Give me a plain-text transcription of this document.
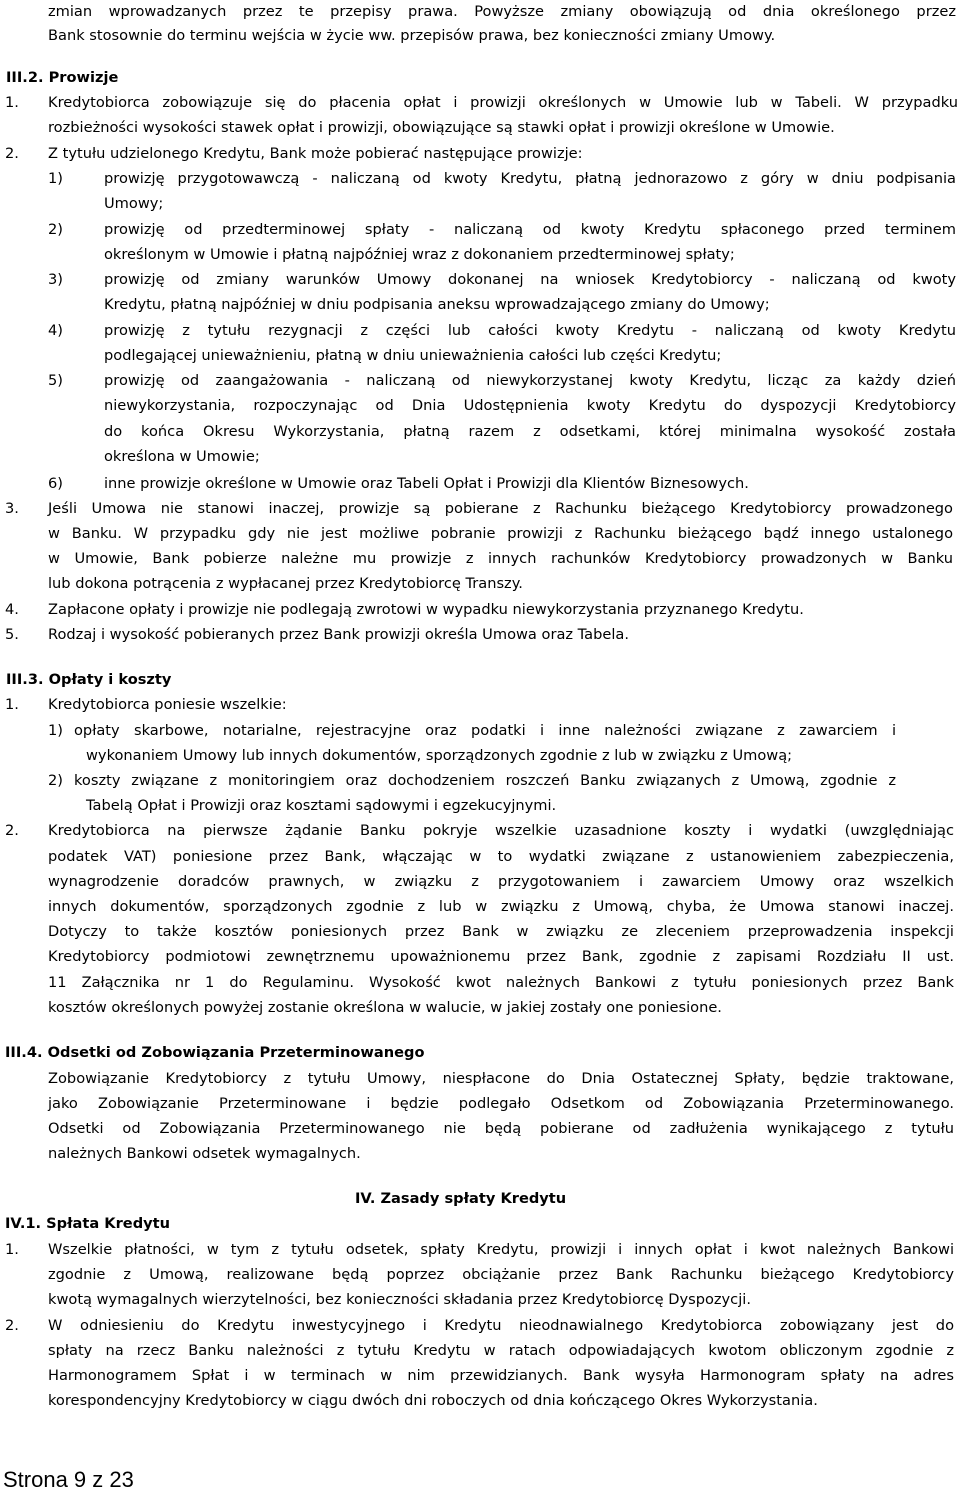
zmian wprowadzanych przez te przepisy prawa. Powyższe zmiany obowiązują od dnia określonego przez
Bank stosownie do terminu wejścia w życie ww. przepisów prawa, bez konieczności zmiany Umowy.
III.2. Prowizje
1. Kredytobiorca zobowiązuje się do płacenia opłat i prowizji określonych w Umowie lub w Tabeli. W przypadku
rozbieżności wysokości stawek opłat i prowizji, obowiązujące są stawki opłat i prowizji określone w Umowie.
2. Z tytułu udzielonego Kredytu, Bank może pobierać następujące prowizje:
1)	prowizję przygotowawczą - naliczaną od kwoty Kredytu, płatną jednorazowo z góry w dniu podpisania
Umowy;
2)	prowizję od przedterminowej spłaty - naliczaną od kwoty Kredytu spłaconego przed terminem
określonym w Umowie i płatną najpóźniej wraz z dokonaniem przedterminowej spłaty;
3)	prowizję od zmiany warunków Umowy dokonanej na wniosek Kredytobiorcy - naliczaną od kwoty
Kredytu, płatną najpóźniej w dniu podpisania aneksu wprowadzającego zmiany do Umowy;
4)	prowizję z tytułu rezygnacji z części lub całości kwoty Kredytu - naliczaną od kwoty Kredytu
podlegającej unieważnieniu, płatną w dniu unieważnienia całości lub części Kredytu;
5)	prowizję od zaangażowania - naliczaną od niewykorzystanej kwoty Kredytu, licząc za każdy dzień
niewykorzystania, rozpoczynając od Dnia Udostępnienia kwoty Kredytu do dyspozycji Kredytobiorcy
do końca Okresu Wykorzystania, płatną razem z odsetkami, której minimalna wysokość została
określona w Umowie;
6)	inne prowizje określone w Umowie oraz Tabeli Opłat i Prowizji dla Klientów Biznesowych.
3. Jeśli Umowa nie stanowi inaczej, prowizje są pobierane z Rachunku bieżącego Kredytobiorcy prowadzonego
w Banku. W przypadku gdy nie jest możliwe pobranie prowizji z Rachunku bieżącego bądź innego ustalonego
w Umowie, Bank pobierze należne mu prowizje z innych rachunków Kredytobiorcy prowadzonych w Banku
lub dokona potrącenia z wypłacanej przez Kredytobiorcę Transzy.
4. Zapłacone opłaty i prowizje nie podlegają zwrotowi w wypadku niewykorzystania przyznanego Kredytu.
5. Rodzaj i wysokość pobieranych przez Bank prowizji określa Umowa oraz Tabela.
III.3. Opłaty i koszty
1. Kredytobiorca poniesie wszelkie:
1) opłaty skarbowe, notarialne, rejestracyjne oraz podatki i inne należności związane z zawarciem i
wykonaniem Umowy lub innych dokumentów, sporządzonych zgodnie z lub w związku z Umową;
2) koszty związane z monitoringiem oraz dochodzeniem roszczeń Banku związanych z Umową, zgodnie z
Tabelą Opłat i Prowizji oraz kosztami sądowymi i egzekucyjnymi.
2. Kredytobiorca na pierwsze żądanie Banku pokryje wszelkie uzasadnione koszty i wydatki (uwzględniając
podatek VAT) poniesione przez Bank, włączając w to wydatki związane z ustanowieniem zabezpieczenia,
wynagrodzenie doradców prawnych, w związku z przygotowaniem i zawarciem Umowy oraz wszelkich
innych dokumentów, sporządzonych zgodnie z lub w związku z Umową, chyba, że Umowa stanowi inaczej.
Dotyczy to także kosztów poniesionych przez Bank w związku ze zleceniem przeprowadzenia inspekcji
Kredytobiorcy podmiotowi zewnętrznemu upoważnionemu przez Bank, zgodnie z zapisami Rozdziału II ust.
11 Załącznika nr 1 do Regulaminu. Wysokość kwot należnych Bankowi z tytułu poniesionych przez Bank
kosztów określonych powyżej zostanie określona w walucie, w jakiej zostały one poniesione.
III.4. Odsetki od Zobowiązania Przeterminowanego
Zobowiązanie Kredytobiorcy z tytułu Umowy, niespłacone do Dnia Ostatecznej Spłaty, będzie traktowane,
jako Zobowiązanie Przeterminowane i będzie podlegało Odsetkom od Zobowiązania Przeterminowanego.
Odsetki od Zobowiązania Przeterminowanego nie będą pobierane od zadłużenia wynikającego z tytułu
należnych Bankowi odsetek wymagalnych.
IV. Zasady spłaty Kredytu
IV.1. Spłata Kredytu
1. Wszelkie płatności, w tym z tytułu odsetek, spłaty Kredytu, prowizji i innych opłat i kwot należnych Bankowi
zgodnie z Umową, realizowane będą poprzez obciążanie przez Bank Rachunku bieżącego Kredytobiorcy
kwotą wymagalnych wierzytelności, bez konieczności składania przez Kredytobiorcę Dyspozycji.
2. W odniesieniu do Kredytu inwestycyjnego i Kredytu nieodnawialnego Kredytobiorca zobowiązany jest do
spłaty na rzecz Banku należności z tytułu Kredytu w ratach odpowiadających kwotom obliczonym zgodnie z
Harmonogramem Spłat i w terminach w nim przewidzianych. Bank wysyła Harmonogram spłaty na adres
korespondencyjny Kredytobiorcy w ciągu dwóch dni roboczych od dnia kończącego Okres Wykorzystania.
Strona 9 z 23
